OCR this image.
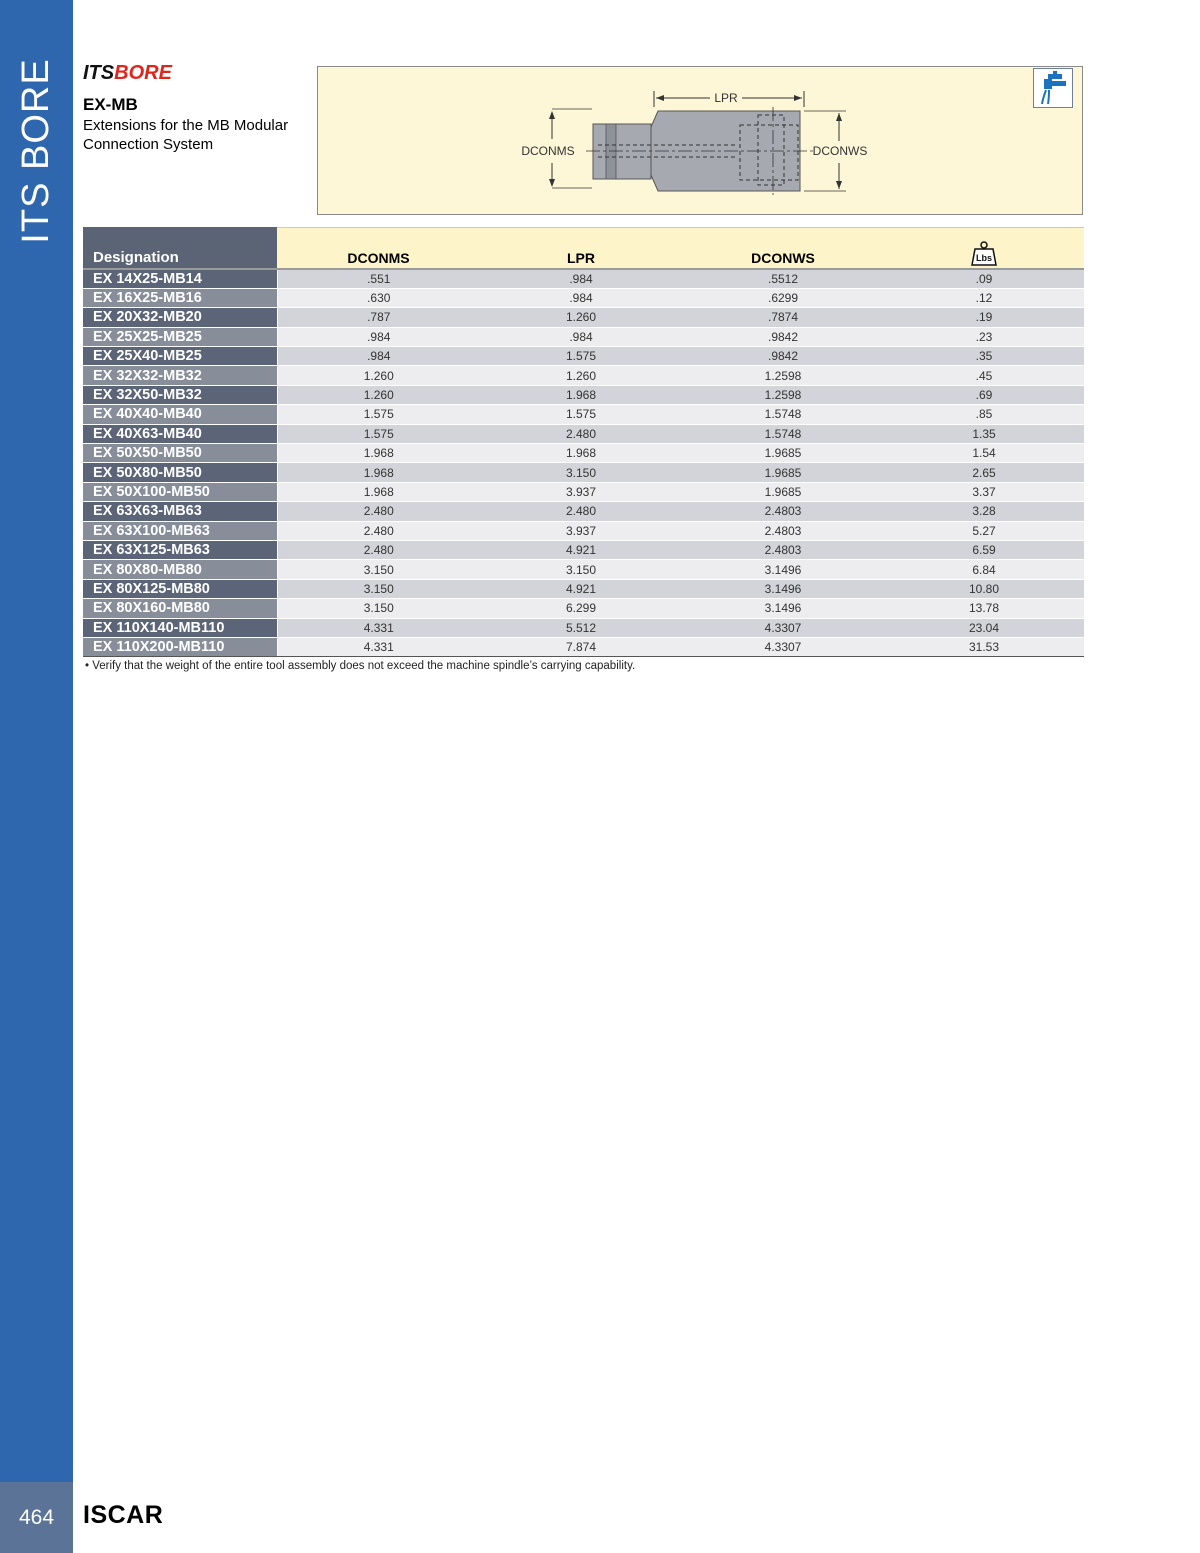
ITS BORE
464	ISCAR
ITSBORE
EX-MB
Extensions for the MB Modular Connection System
LPR
DCONMS	DCONWS
Designation	DCONMS	LPR	DCONWS	Lbs

EX 14X25-MB14	.551	.984	.5512	.09
EX 16X25-MB16	.630	.984	.6299	.12
EX 20X32-MB20	.787	1.260	.7874	.19
EX 25X25-MB25	.984	.984	.9842	.23
EX 25X40-MB25	.984	1.575	.9842	.35
EX 32X32-MB32	1.260	1.260	1.2598	.45
EX 32X50-MB32	1.260	1.968	1.2598	.69
EX 40X40-MB40	1.575	1.575	1.5748	.85
EX 40X63-MB40	1.575	2.480	1.5748	1.35
EX 50X50-MB50	1.968	1.968	1.9685	1.54
EX 50X80-MB50	1.968	3.150	1.9685	2.65
EX 50X100-MB50	1.968	3.937	1.9685	3.37
EX 63X63-MB63	2.480	2.480	2.4803	3.28
EX 63X100-MB63	2.480	3.937	2.4803	5.27
EX 63X125-MB63	2.480	4.921	2.4803	6.59
EX 80X80-MB80	3.150	3.150	3.1496	6.84
EX 80X125-MB80	3.150	4.921	3.1496	10.80
EX 80X160-MB80	3.150	6.299	3.1496	13.78
EX 110X140-MB110	4.331	5.512	4.3307	23.04
EX 110X200-MB110	4.331	7.874	4.3307	31.53
• Verify that the weight of the entire tool assembly does not exceed the machine spindle’s carrying capability.
